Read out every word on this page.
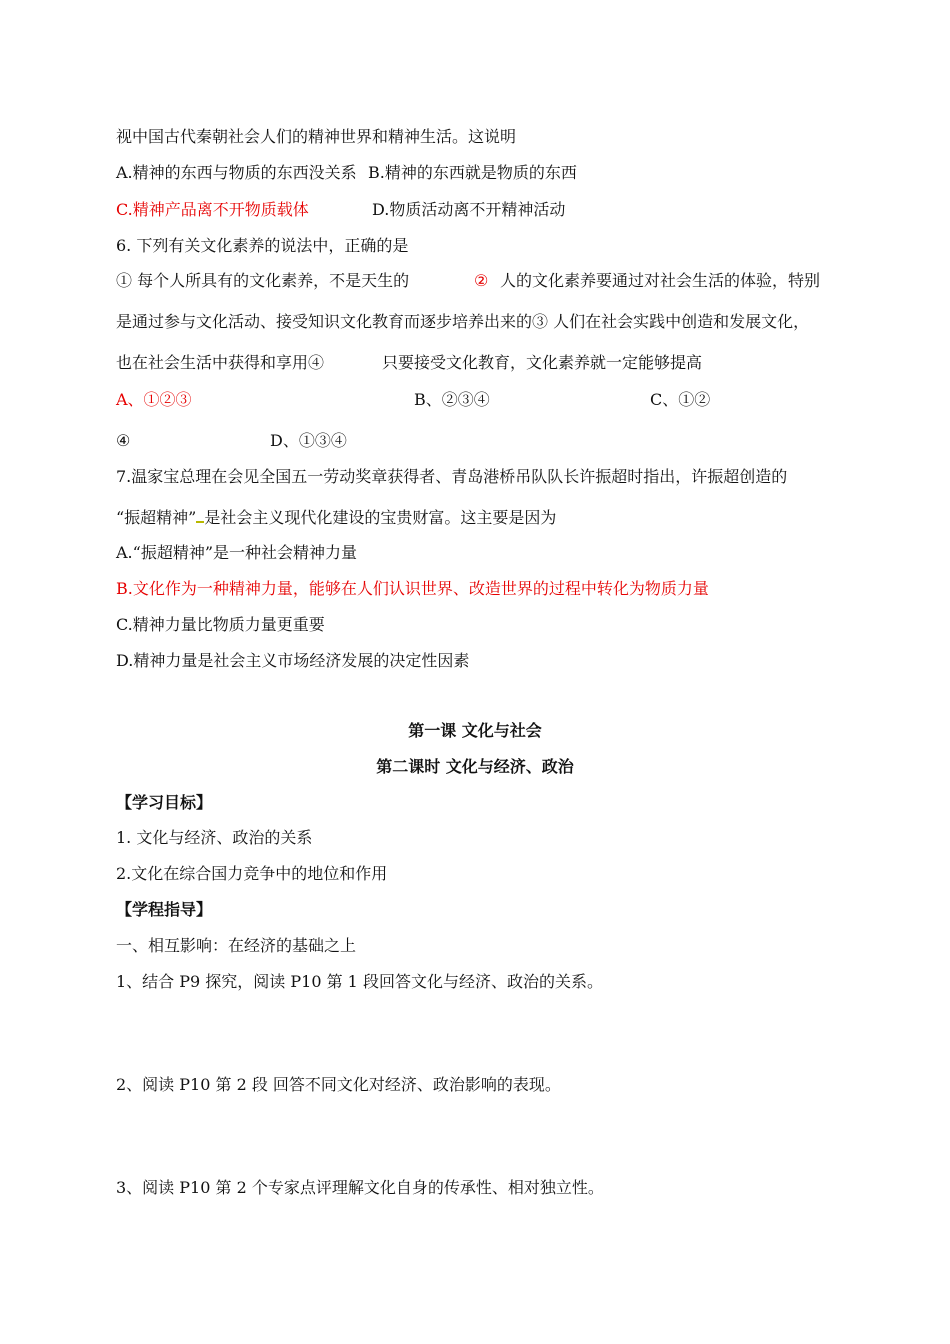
视中国古代秦朝社会人们的精神世界和精神生活。这说明
A.精神的东西与物质的东西没关系 B.精神的东西就是物质的东西
C.精神产品离不开物质载体	D.物质活动离不开精神活动
6. 下列有关文化素养的说法中，正确的是
① 每个人所具有的文化素养，不是天生的	② 人的文化素养要通过对社会生活的体验，特别
是通过参与文化活动、接受知识文化教育而逐步培养出来的③ 人们在社会实践中创造和发展文化，
也在社会生活中获得和享用④	只要接受文化教育，文化素养就一定能够提高
A、①②③	B、②③④	C、①②
④	D、①③④
7.温家宝总理在会见全国五一劳动奖章获得者、青岛港桥吊队队长许振超时指出，许振超创造的
“振超精神” 是社会主义现代化建设的宝贵财富。这主要是因为
A.“振超精神”是一种社会精神力量
B.文化作为一种精神力量，能够在人们认识世界、改造世界的过程中转化为物质力量
C.精神力量比物质力量更重要
D.精神力量是社会主义市场经济发展的决定性因素
第一课 文化与社会
第二课时 文化与经济、政治
【学习目标】
1. 文化与经济、政治的关系
2.文化在综合国力竞争中的地位和作用
【学程指导】
一、相互影响：在经济的基础之上
1、结合 P9 探究，阅读 P10 第 1 段回答文化与经济、政治的关系。
2、阅读 P10 第 2 段 回答不同文化对经济、政治影响的表现。
3、阅读 P10 第 2 个专家点评理解文化自身的传承性、相对独立性。
